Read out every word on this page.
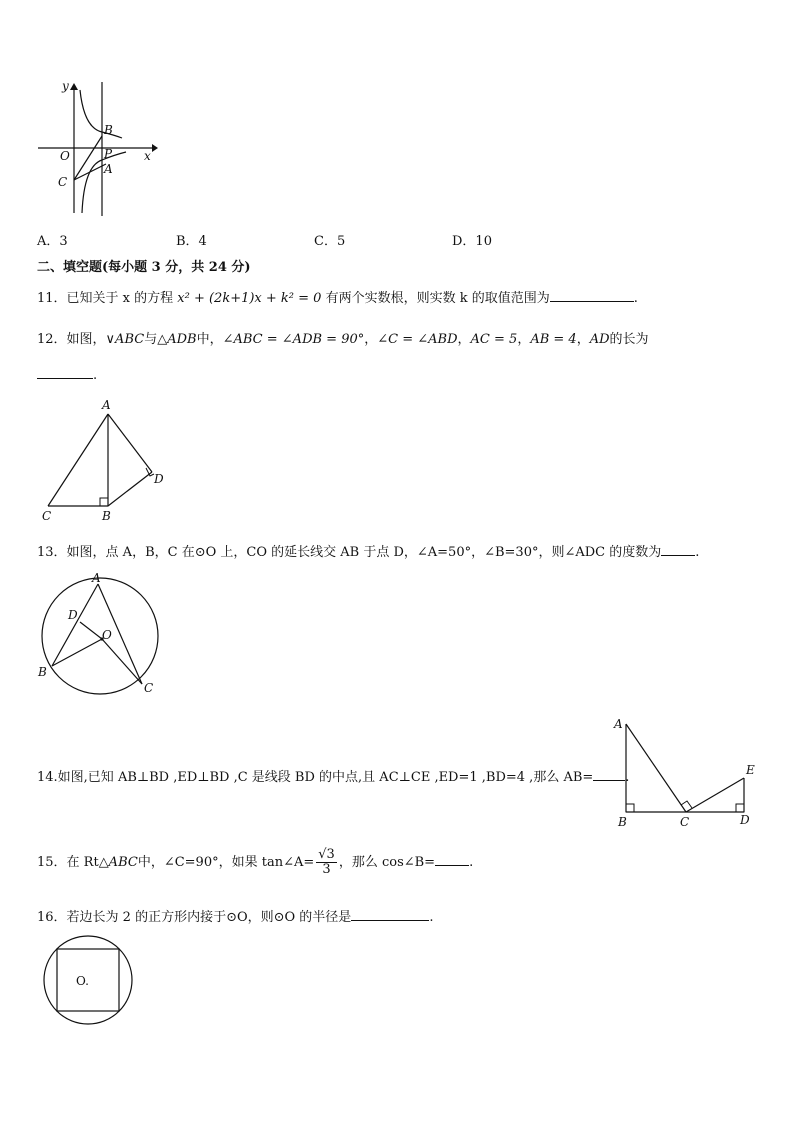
y
x
O
B
P
A
C
A．3	B．4	C．5	D．10
二、填空题(每小题 3 分，共 24 分)
11．已知关于 x 的方程 x² + (2k+1)x + k² = 0 有两个实数根，则实数 k 的取值范围为	.
12．如图，∨ABC与△ADB中，∠ABC = ∠ADB = 90°，∠C = ∠ABD，AC = 5，AB = 4，AD的长为
.
A
D
C	B
13．如图，点 A，B，C 在⊙O 上，CO 的延长线交 AB 于点 D，∠A=50°，∠B=30°，则∠ADC 的度数为	.
A
D
O
B
C
14.如图,已知 AB⊥BD ,ED⊥BD ,C 是线段 BD 的中点,且 AC⊥CE ,ED=1 ,BD=4 ,那么 AB= .
A
E
B	C	D
15．在 Rt△ABC中，∠C=90°，如果 tan∠A= $\frac{√3}{3}$ ，那么 cos∠B=	.
16．若边长为 2 的正方形内接于⊙O，则⊙O 的半径是	.
O.
